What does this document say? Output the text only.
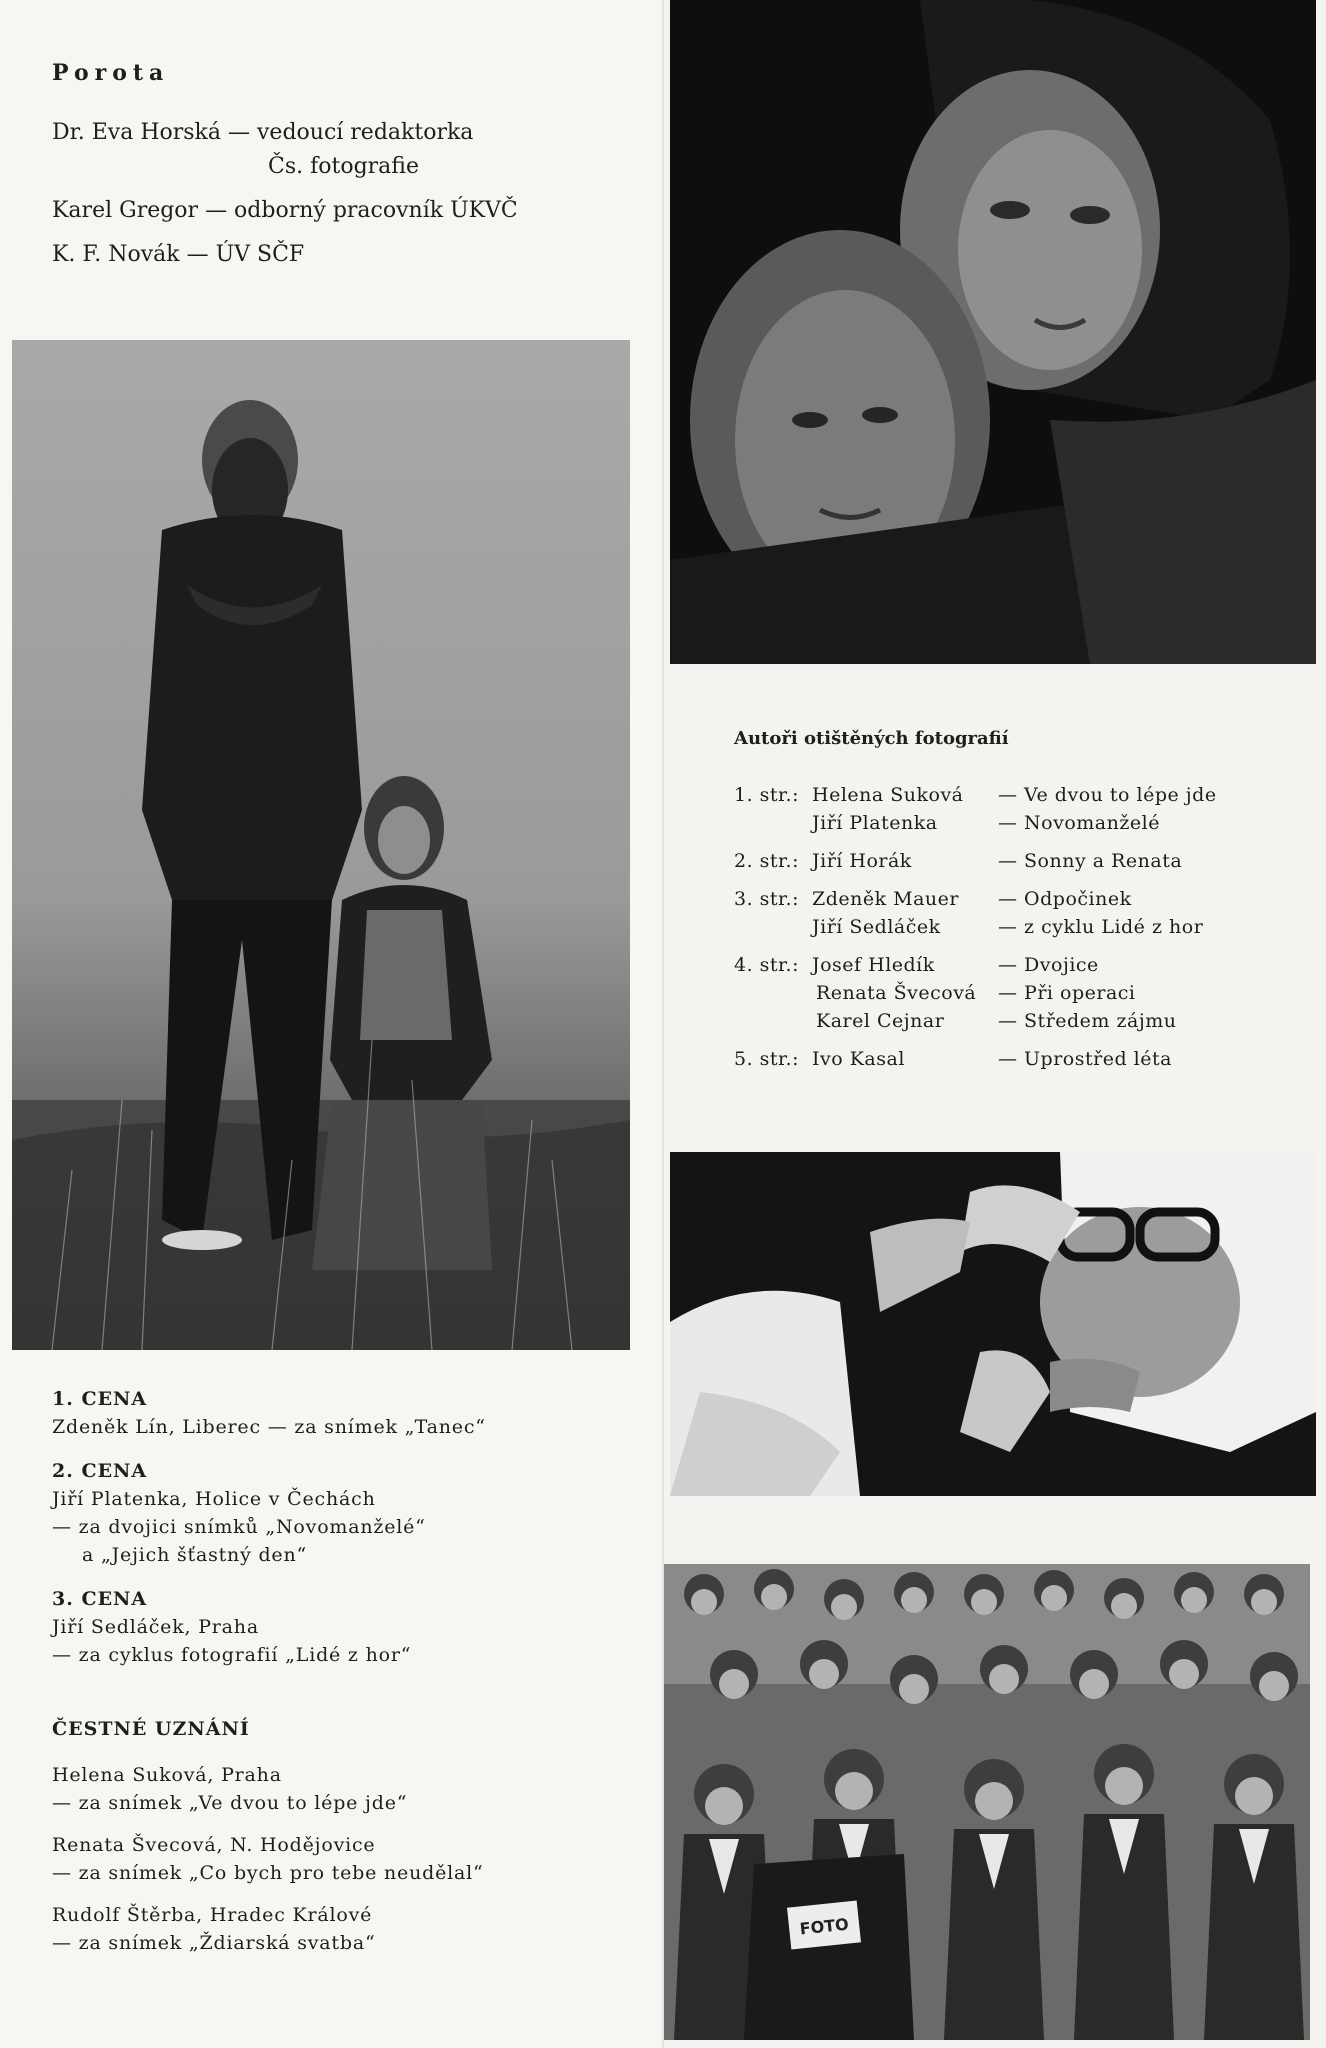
Porota
Dr. Eva Horská — vedoucí redaktorka
Čs. fotografie
Karel Gregor — odborný pracovník ÚKVČ
K. F. Novák — ÚV SČF
1. CENA
Zdeněk Lín, Liberec — za snímek „Tanec“
2. CENA
Jiří Platenka, Holice v Čechách
— za dvojici snímků „Novomanželé“
a „Jejich šťastný den“
3. CENA
Jiří Sedláček, Praha
— za cyklus fotografií „Lidé z hor“
ČESTNÉ UZNÁNÍ
Helena Suková, Praha
— za snímek „Ve dvou to lépe jde“
Renata Švecová, N. Hodějovice
— za snímek „Co bych pro tebe neudělal“
Rudolf Štěrba, Hradec Králové
— za snímek „Ždiarská svatba“
Autoři otištěných fotografií
1. str.: Helena Suková — Ve dvou to lépe jde
Jiří Platenka	— Novomanželé
2. str.: Jiří Horák	— Sonny a Renata
3. str.: Zdeněk Mauer — Odpočinek
Jiří Sedláček	— z cyklu Lidé z hor
4. str.: Josef Hledík	— Dvojice
Renata Švecová — Při operaci
Karel Cejnar	— Středem zájmu
5. str.: Ivo Kasal	— Uprostřed léta
FOTO
